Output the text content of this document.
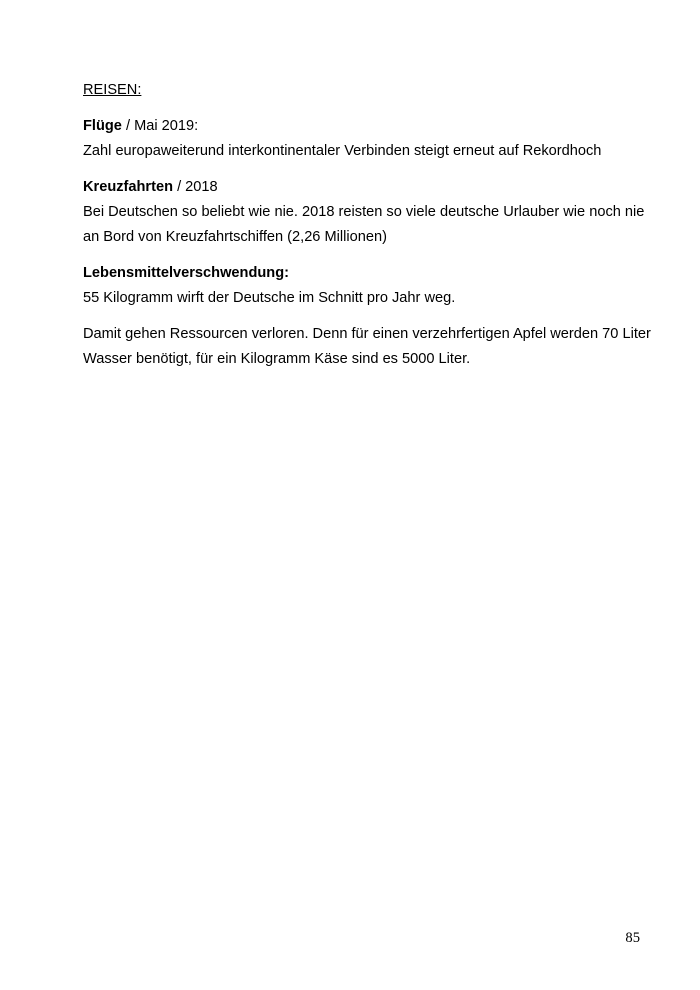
REISEN:
Flüge / Mai 2019:
Zahl europaweiterund interkontinentaler Verbinden steigt erneut auf Rekordhoch
Kreuzfahrten / 2018
Bei Deutschen so beliebt wie nie. 2018 reisten so viele deutsche Urlauber wie noch nie
an Bord von Kreuzfahrtschiffen (2,26 Millionen)
Lebensmittelverschwendung:
55 Kilogramm wirft der Deutsche im Schnitt pro Jahr weg.
Damit gehen Ressourcen verloren. Denn für einen verzehrfertigen Apfel werden 70 Liter
Wasser benötigt, für ein Kilogramm Käse sind es 5000 Liter.
85
